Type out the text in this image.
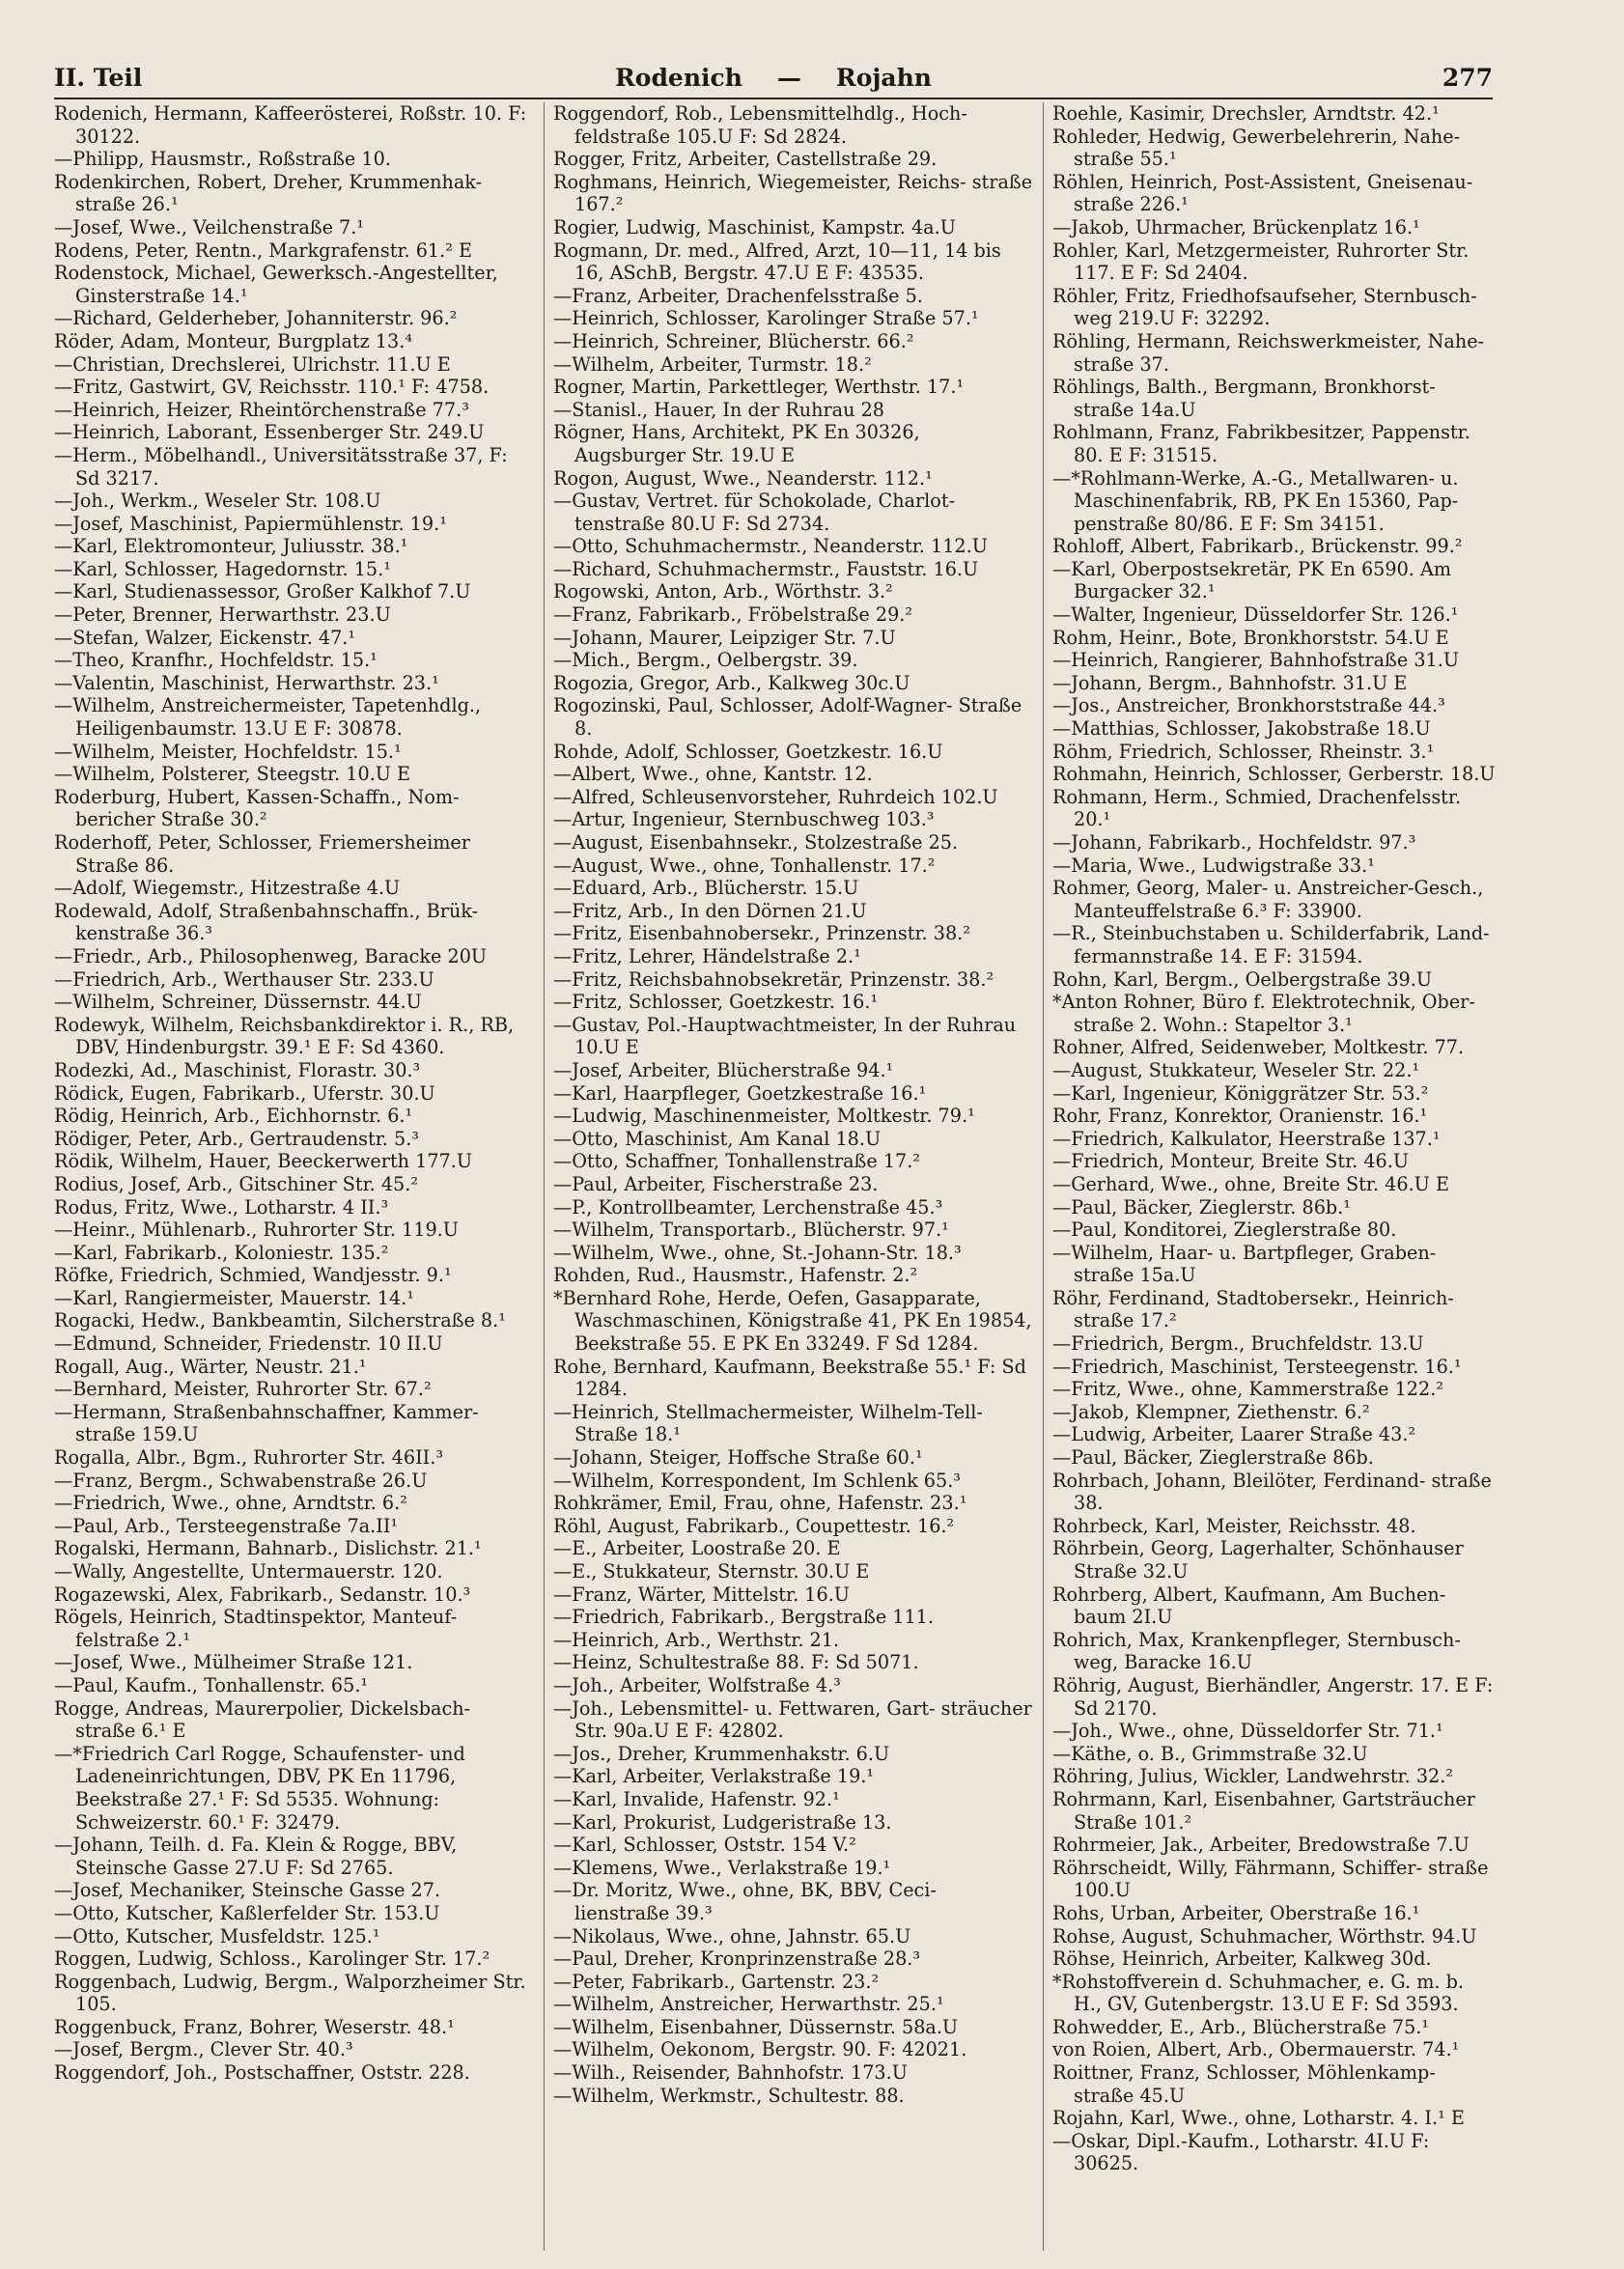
II. Teil	Rodenich — Rojahn	277

Rodenich, Hermann, Kaffeerösterei, Roßstr. 10. F: 30122.

—Philipp, Hausmstr., Roßstraße 10.

Rodenkirchen, Robert, Dreher, Krummenhak- straße 26.¹

—Josef, Wwe., Veilchenstraße 7.¹

Rodens, Peter, Rentn., Markgrafenstr. 61.² E

Rodenstock, Michael, Gewerksch.-Angestellter, Ginsterstraße 14.¹

—Richard, Gelderheber, Johanniterstr. 96.²

Röder, Adam, Monteur, Burgplatz 13.⁴

—Christian, Drechslerei, Ulrichstr. 11.U E

—Fritz, Gastwirt, GV, Reichsstr. 110.¹ F: 4758.

—Heinrich, Heizer, Rheintörchenstraße 77.³

—Heinrich, Laborant, Essenberger Str. 249.U

—Herm., Möbelhandl., Universitätsstraße 37, F: Sd 3217.

—Joh., Werkm., Weseler Str. 108.U

—Josef, Maschinist, Papiermühlenstr. 19.¹

—Karl, Elektromonteur, Juliusstr. 38.¹

—Karl, Schlosser, Hagedornstr. 15.¹

—Karl, Studienassessor, Großer Kalkhof 7.U

—Peter, Brenner, Herwarthstr. 23.U

—Stefan, Walzer, Eickenstr. 47.¹

—Theo, Kranfhr., Hochfeldstr. 15.¹

—Valentin, Maschinist, Herwarthstr. 23.¹

—Wilhelm, Anstreichermeister, Tapetenhdlg., Heiligenbaumstr. 13.U E F: 30878.

—Wilhelm, Meister, Hochfeldstr. 15.¹

—Wilhelm, Polsterer, Steegstr. 10.U E

Roderburg, Hubert, Kassen-Schaffn., Nom- bericher Straße 30.²

Roderhoff, Peter, Schlosser, Friemersheimer Straße 86.

—Adolf, Wiegemstr., Hitzestraße 4.U

Rodewald, Adolf, Straßenbahnschaffn., Brük- kenstraße 36.³

—Friedr., Arb., Philosophenweg, Baracke 20U

—Friedrich, Arb., Werthauser Str. 233.U

—Wilhelm, Schreiner, Düssernstr. 44.U

Rodewyk, Wilhelm, Reichsbankdirektor i. R., RB, DBV, Hindenburgstr. 39.¹ E F: Sd 4360.

Rodezki, Ad., Maschinist, Florastr. 30.³

Rödick, Eugen, Fabrikarb., Uferstr. 30.U

Rödig, Heinrich, Arb., Eichhornstr. 6.¹

Rödiger, Peter, Arb., Gertraudenstr. 5.³

Rödik, Wilhelm, Hauer, Beeckerwerth 177.U

Rodius, Josef, Arb., Gitschiner Str. 45.²

Rodus, Fritz, Wwe., Lotharstr. 4 II.³

—Heinr., Mühlenarb., Ruhrorter Str. 119.U

—Karl, Fabrikarb., Koloniestr. 135.²

Röfke, Friedrich, Schmied, Wandjesstr. 9.¹

—Karl, Rangiermeister, Mauerstr. 14.¹

Rogacki, Hedw., Bankbeamtin, Silcherstraße 8.¹

—Edmund, Schneider, Friedenstr. 10 II.U

Rogall, Aug., Wärter, Neustr. 21.¹

—Bernhard, Meister, Ruhrorter Str. 67.²

—Hermann, Straßenbahnschaffner, Kammer- straße 159.U

Rogalla, Albr., Bgm., Ruhrorter Str. 46II.³

—Franz, Bergm., Schwabenstraße 26.U

—Friedrich, Wwe., ohne, Arndtstr. 6.²

—Paul, Arb., Tersteegenstraße 7a.II¹

Rogalski, Hermann, Bahnarb., Dislichstr. 21.¹

—Wally, Angestellte, Untermauerstr. 120.

Rogazewski, Alex, Fabrikarb., Sedanstr. 10.³

Rögels, Heinrich, Stadtinspektor, Manteuf- felstraße 2.¹

—Josef, Wwe., Mülheimer Straße 121.

—Paul, Kaufm., Tonhallenstr. 65.¹

Rogge, Andreas, Maurerpolier, Dickelsbach- straße 6.¹ E

—*Friedrich Carl Rogge, Schaufenster- und Ladeneinrichtungen, DBV, PK En 11796, Beekstraße 27.¹ F: Sd 5535. Wohnung: Schweizerstr. 60.¹ F: 32479.

—Johann, Teilh. d. Fa. Klein & Rogge, BBV, Steinsche Gasse 27.U F: Sd 2765.

—Josef, Mechaniker, Steinsche Gasse 27.

—Otto, Kutscher, Kaßlerfelder Str. 153.U

—Otto, Kutscher, Musfeldstr. 125.¹

Roggen, Ludwig, Schloss., Karolinger Str. 17.²

Roggenbach, Ludwig, Bergm., Walporzheimer Str. 105.

Roggenbuck, Franz, Bohrer, Weserstr. 48.¹

—Josef, Bergm., Clever Str. 40.³

Roggendorf, Joh., Postschaffner, Oststr. 228.

Roggendorf, Rob., Lebensmittelhdlg., Hoch- feldstraße 105.U F: Sd 2824.

Rogger, Fritz, Arbeiter, Castellstraße 29.

Roghmans, Heinrich, Wiegemeister, Reichs- straße 167.²

Rogier, Ludwig, Maschinist, Kampstr. 4a.U

Rogmann, Dr. med., Alfred, Arzt, 10—11, 14 bis 16, ASchB, Bergstr. 47.U E F: 43535.

—Franz, Arbeiter, Drachenfelsstraße 5.

—Heinrich, Schlosser, Karolinger Straße 57.¹

—Heinrich, Schreiner, Blücherstr. 66.²

—Wilhelm, Arbeiter, Turmstr. 18.²

Rogner, Martin, Parkettleger, Werthstr. 17.¹

—Stanisl., Hauer, In der Ruhrau 28

Rögner, Hans, Architekt, PK En 30326, Augsburger Str. 19.U E

Rogon, August, Wwe., Neanderstr. 112.¹

—Gustav, Vertret. für Schokolade, Charlot- tenstraße 80.U F: Sd 2734.

—Otto, Schuhmachermstr., Neanderstr. 112.U

—Richard, Schuhmachermstr., Fauststr. 16.U

Rogowski, Anton, Arb., Wörthstr. 3.²

—Franz, Fabrikarb., Fröbelstraße 29.²

—Johann, Maurer, Leipziger Str. 7.U

—Mich., Bergm., Oelbergstr. 39.

Rogozia, Gregor, Arb., Kalkweg 30c.U

Rogozinski, Paul, Schlosser, Adolf-Wagner- Straße 8.

Rohde, Adolf, Schlosser, Goetzkestr. 16.U

—Albert, Wwe., ohne, Kantstr. 12.

—Alfred, Schleusenvorsteher, Ruhrdeich 102.U

—Artur, Ingenieur, Sternbuschweg 103.³

—August, Eisenbahnsekr., Stolzestraße 25.

—August, Wwe., ohne, Tonhallenstr. 17.²

—Eduard, Arb., Blücherstr. 15.U

—Fritz, Arb., In den Dörnen 21.U

—Fritz, Eisenbahnobersekr., Prinzenstr. 38.²

—Fritz, Lehrer, Händelstraße 2.¹

—Fritz, Reichsbahnobsekretär, Prinzenstr. 38.²

—Fritz, Schlosser, Goetzkestr. 16.¹

—Gustav, Pol.-Hauptwachtmeister, In der Ruhrau 10.U E

—Josef, Arbeiter, Blücherstraße 94.¹

—Karl, Haarpfleger, Goetzkestraße 16.¹

—Ludwig, Maschinenmeister, Moltkestr. 79.¹

—Otto, Maschinist, Am Kanal 18.U

—Otto, Schaffner, Tonhallenstraße 17.²

—Paul, Arbeiter, Fischerstraße 23.

—P., Kontrollbeamter, Lerchenstraße 45.³

—Wilhelm, Transportarb., Blücherstr. 97.¹

—Wilhelm, Wwe., ohne, St.-Johann-Str. 18.³

Rohden, Rud., Hausmstr., Hafenstr. 2.²

*Bernhard Rohe, Herde, Oefen, Gasapparate, Waschmaschinen, Königstraße 41, PK En 19854, Beekstraße 55. E PK En 33249. F Sd 1284.

Rohe, Bernhard, Kaufmann, Beekstraße 55.¹ F: Sd 1284.

—Heinrich, Stellmachermeister, Wilhelm-Tell- Straße 18.¹

—Johann, Steiger, Hoffsche Straße 60.¹

—Wilhelm, Korrespondent, Im Schlenk 65.³

Rohkrämer, Emil, Frau, ohne, Hafenstr. 23.¹

Röhl, August, Fabrikarb., Coupettestr. 16.²

—E., Arbeiter, Loostraße 20. E

—E., Stukkateur, Sternstr. 30.U E

—Franz, Wärter, Mittelstr. 16.U

—Friedrich, Fabrikarb., Bergstraße 111.

—Heinrich, Arb., Werthstr. 21.

—Heinz, Schultestraße 88. F: Sd 5071.

—Joh., Arbeiter, Wolfstraße 4.³

—Joh., Lebensmittel- u. Fettwaren, Gart- sträucher Str. 90a.U E F: 42802.

—Jos., Dreher, Krummenhakstr. 6.U

—Karl, Arbeiter, Verlakstraße 19.¹

—Karl, Invalide, Hafenstr. 92.¹

—Karl, Prokurist, Ludgeristraße 13.

—Karl, Schlosser, Oststr. 154 V.²

—Klemens, Wwe., Verlakstraße 19.¹

—Dr. Moritz, Wwe., ohne, BK, BBV, Ceci- lienstraße 39.³

—Nikolaus, Wwe., ohne, Jahnstr. 65.U

—Paul, Dreher, Kronprinzenstraße 28.³

—Peter, Fabrikarb., Gartenstr. 23.²

—Wilhelm, Anstreicher, Herwarthstr. 25.¹

—Wilhelm, Eisenbahner, Düssernstr. 58a.U

—Wilhelm, Oekonom, Bergstr. 90. F: 42021.

—Wilh., Reisender, Bahnhofstr. 173.U

—Wilhelm, Werkmstr., Schultestr. 88.

Roehle, Kasimir, Drechsler, Arndtstr. 42.¹

Rohleder, Hedwig, Gewerbelehrerin, Nahe- straße 55.¹

Röhlen, Heinrich, Post-Assistent, Gneisenau- straße 226.¹

—Jakob, Uhrmacher, Brückenplatz 16.¹

Rohler, Karl, Metzgermeister, Ruhrorter Str. 117. E F: Sd 2404.

Röhler, Fritz, Friedhofsaufseher, Sternbusch- weg 219.U F: 32292.

Röhling, Hermann, Reichswerkmeister, Nahe- straße 37.

Röhlings, Balth., Bergmann, Bronkhorst- straße 14a.U

Rohlmann, Franz, Fabrikbesitzer, Pappenstr. 80. E F: 31515.

—*Rohlmann-Werke, A.-G., Metallwaren- u. Maschinenfabrik, RB, PK En 15360, Pap- penstraße 80/86. E F: Sm 34151.

Rohloff, Albert, Fabrikarb., Brückenstr. 99.²

—Karl, Oberpostsekretär, PK En 6590. Am Burgacker 32.¹

—Walter, Ingenieur, Düsseldorfer Str. 126.¹

Rohm, Heinr., Bote, Bronkhorststr. 54.U E

—Heinrich, Rangierer, Bahnhofstraße 31.U

—Johann, Bergm., Bahnhofstr. 31.U E

—Jos., Anstreicher, Bronkhorststraße 44.³

—Matthias, Schlosser, Jakobstraße 18.U

Röhm, Friedrich, Schlosser, Rheinstr. 3.¹

Rohmahn, Heinrich, Schlosser, Gerberstr. 18.U

Rohmann, Herm., Schmied, Drachenfelsstr. 20.¹

—Johann, Fabrikarb., Hochfeldstr. 97.³

—Maria, Wwe., Ludwigstraße 33.¹

Rohmer, Georg, Maler- u. Anstreicher-Gesch., Manteuffelstraße 6.³ F: 33900.

—R., Steinbuchstaben u. Schilderfabrik, Land- fermannstraße 14. E F: 31594.

Rohn, Karl, Bergm., Oelbergstraße 39.U

*Anton Rohner, Büro f. Elektrotechnik, Ober- straße 2. Wohn.: Stapeltor 3.¹

Rohner, Alfred, Seidenweber, Moltkestr. 77.

—August, Stukkateur, Weseler Str. 22.¹

—Karl, Ingenieur, Königgrätzer Str. 53.²

Rohr, Franz, Konrektor, Oranienstr. 16.¹

—Friedrich, Kalkulator, Heerstraße 137.¹

—Friedrich, Monteur, Breite Str. 46.U

—Gerhard, Wwe., ohne, Breite Str. 46.U E

—Paul, Bäcker, Zieglerstr. 86b.¹

—Paul, Konditorei, Zieglerstraße 80.

—Wilhelm, Haar- u. Bartpfleger, Graben- straße 15a.U

Röhr, Ferdinand, Stadtobersekr., Heinrich- straße 17.²

—Friedrich, Bergm., Bruchfeldstr. 13.U

—Friedrich, Maschinist, Tersteegenstr. 16.¹

—Fritz, Wwe., ohne, Kammerstraße 122.²

—Jakob, Klempner, Ziethenstr. 6.²

—Ludwig, Arbeiter, Laarer Straße 43.²

—Paul, Bäcker, Zieglerstraße 86b.

Rohrbach, Johann, Bleilöter, Ferdinand- straße 38.

Rohrbeck, Karl, Meister, Reichsstr. 48.

Röhrbein, Georg, Lagerhalter, Schönhauser Straße 32.U

Rohrberg, Albert, Kaufmann, Am Buchen- baum 2I.U

Rohrich, Max, Krankenpfleger, Sternbusch- weg, Baracke 16.U

Röhrig, August, Bierhändler, Angerstr. 17. E F: Sd 2170.

—Joh., Wwe., ohne, Düsseldorfer Str. 71.¹

—Käthe, o. B., Grimmstraße 32.U

Röhring, Julius, Wickler, Landwehrstr. 32.²

Rohrmann, Karl, Eisenbahner, Gartsträucher Straße 101.²

Rohrmeier, Jak., Arbeiter, Bredowstraße 7.U

Röhrscheidt, Willy, Fährmann, Schiffer- straße 100.U

Rohs, Urban, Arbeiter, Oberstraße 16.¹

Rohse, August, Schuhmacher, Wörthstr. 94.U

Röhse, Heinrich, Arbeiter, Kalkweg 30d.

*Rohstoffverein d. Schuhmacher, e. G. m. b. H., GV, Gutenbergstr. 13.U E F: Sd 3593.

Rohwedder, E., Arb., Blücherstraße 75.¹

von Roien, Albert, Arb., Obermauerstr. 74.¹

Roittner, Franz, Schlosser, Möhlenkamp- straße 45.U

Rojahn, Karl, Wwe., ohne, Lotharstr. 4. I.¹ E

—Oskar, Dipl.-Kaufm., Lotharstr. 4I.U F: 30625.
